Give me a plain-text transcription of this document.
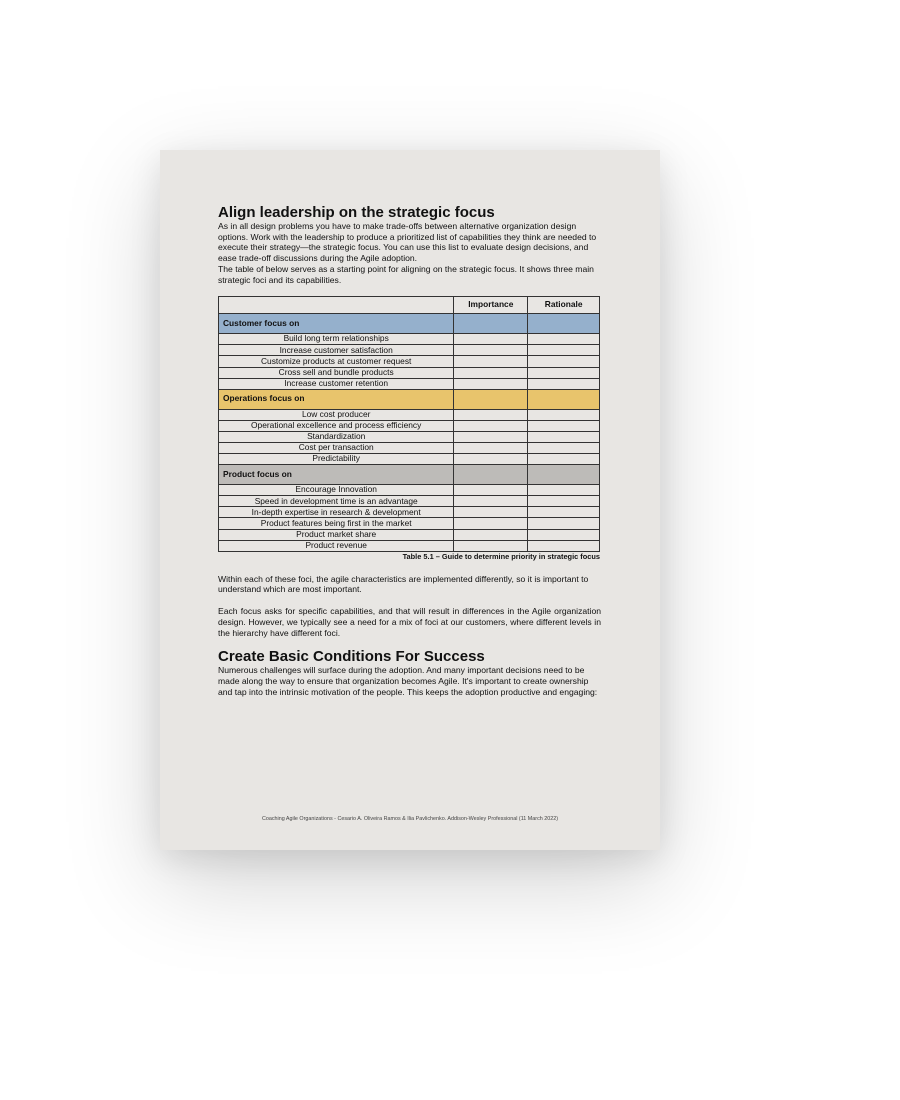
Align leadership on the strategic focus

As in all design problems you have to make trade-offs between alternative organization design options. Work with the leadership to produce a prioritized list of capabilities they think are needed to execute their strategy—the strategic focus. You can use this list to evaluate design decisions, and ease trade-off discussions during the Agile adoption.

The table of below serves as a starting point for aligning on the strategic focus. It shows three main strategic foci and its capabilities.

	Importance	Rationale
Customer focus on		
Build long term relationships		
Increase customer satisfaction		
Customize products at customer request		
Cross sell and bundle products		
Increase customer retention		
Operations focus on		
Low cost producer		
Operational excellence and process efficiency		
Standardization		
Cost per transaction		
Predictability		
Product focus on		
Encourage Innovation		
Speed in development time is an advantage		
In-depth expertise in research & development		
Product features being first in the market		
Product market share		
Product revenue		
Table 5.1 – Guide to determine priority in strategic focus

Within each of these foci, the agile characteristics are implemented differently, so it is important to understand which are most important.

Each focus asks for specific capabilities, and that will result in differences in the Agile organization design. However, we typically see a need for a mix of foci at our customers, where different levels in the hierarchy have different foci.

Create Basic Conditions For Success

Numerous challenges will surface during the adoption. And many important decisions need to be made along the way to ensure that organization becomes Agile. It's important to create ownership and tap into the intrinsic motivation of the people. This keeps the adoption productive and engaging:

Coaching Agile Organizations - Cesario A. Oliveira Ramos & Ilia Pavlichenko. Addison-Wesley Professional (11 March 2022)
